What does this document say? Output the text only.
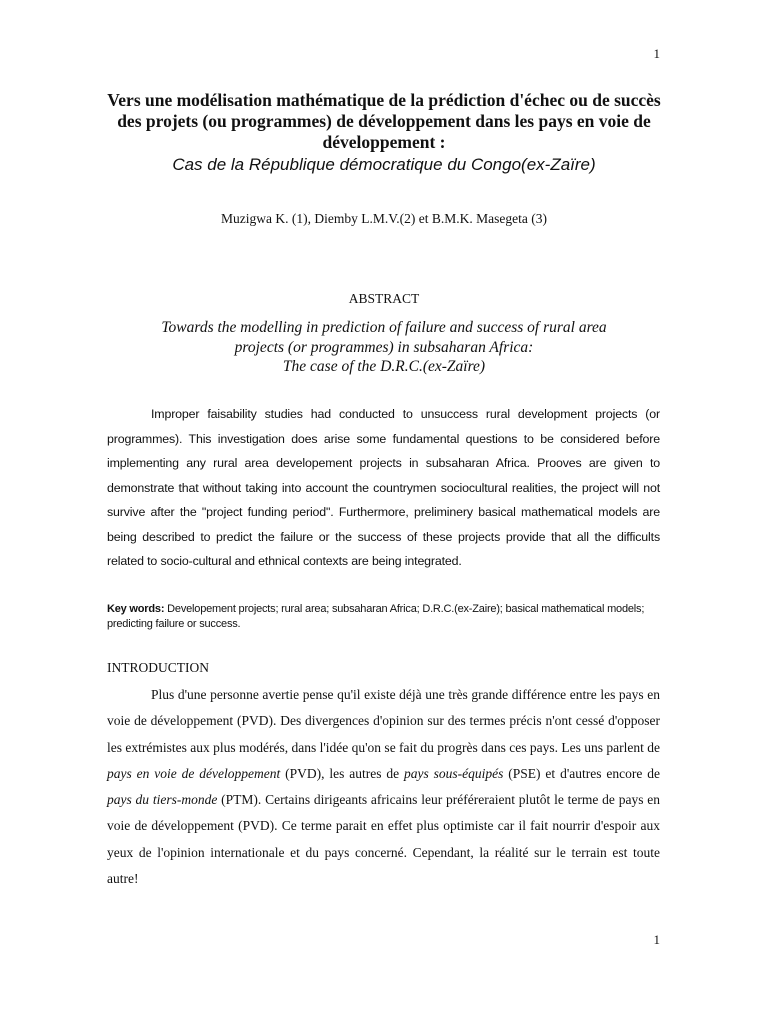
1
Vers une modélisation mathématique de la prédiction d'échec ou de succès des projets (ou programmes) de développement dans les pays en voie de développement :
Cas de la République démocratique du Congo(ex-Zaïre)
Muzigwa K. (1), Diemby L.M.V.(2) et B.M.K. Masegeta (3)
ABSTRACT
Towards the modelling in prediction of failure and success of rural area
projects (or programmes) in subsaharan Africa:
The case of the D.R.C.(ex-Zaïre)

Improper faisability studies had conducted to unsuccess rural development projects (or programmes). This investigation does arise some fundamental questions to be considered before implementing any rural area developement projects in subsaharan Africa. Prooves are given to demonstrate that without taking into account the countrymen sociocultural realities, the project will not survive after the "project funding period". Furthermore, preliminery basical mathematical models are being described to predict the failure or the success of these projects provide that all the difficults related to socio-cultural and ethnical contexts are being integrated.

Key words: Developement projects; rural area; subsaharan Africa; D.R.C.(ex-Zaire); basical mathematical models; predicting failure or success.

INTRODUCTION

Plus d'une personne avertie pense qu'il existe déjà une très grande différence entre les pays en voie de développement (PVD). Des divergences d'opinion sur des termes précis n'ont cessé d'opposer les extrémistes aux plus modérés, dans l'idée qu'on se fait du progrès dans ces pays. Les uns parlent de pays en voie de développement (PVD), les autres de pays sous-équipés (PSE) et d'autres encore de pays du tiers-monde (PTM). Certains dirigeants africains leur préféreraient plutôt le terme de pays en voie de développement (PVD). Ce terme parait en effet plus optimiste car il fait nourrir d'espoir aux yeux de l'opinion internationale et du pays concerné. Cependant, la réalité sur le terrain est toute autre!

1
